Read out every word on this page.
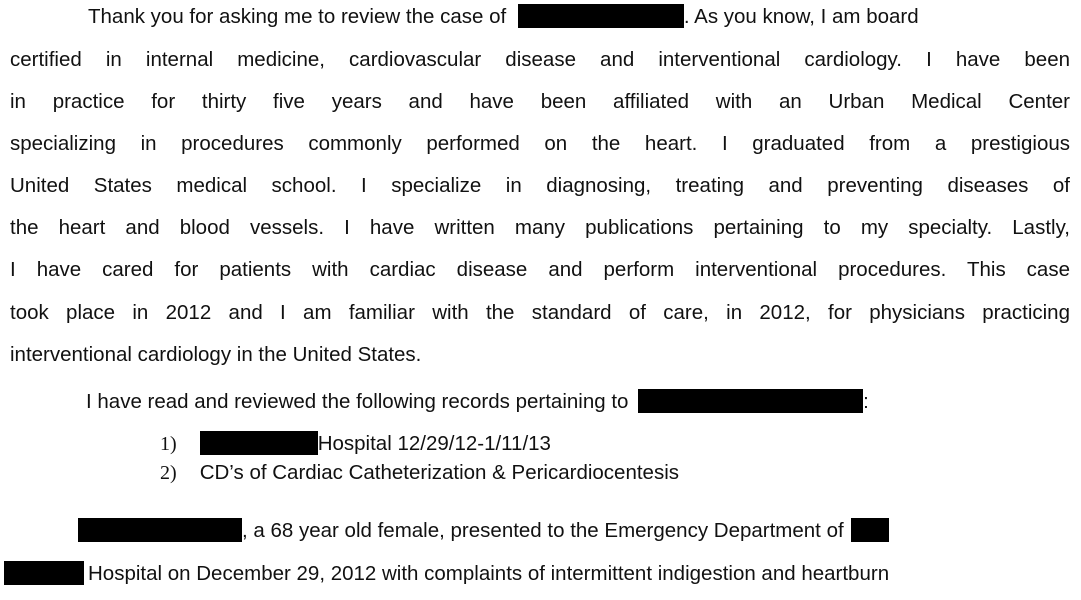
Thank you for asking me to review the case of	. As you know, I am board
certified in internal medicine, cardiovascular disease and interventional cardiology. I have been
in practice for thirty five years and have been affiliated with an Urban Medical Center
specializing in procedures commonly performed on the heart. I graduated from a prestigious
United States medical school. I specialize in diagnosing, treating and preventing diseases of
the heart and blood vessels. I have written many publications pertaining to my specialty. Lastly,
I have cared for patients with cardiac disease and perform interventional procedures. This case
took place in 2012 and I am familiar with the standard of care, in 2012, for physicians practicing
interventional cardiology in the United States.
I have read and reviewed the following records pertaining to	:
1)	Hospital 12/29/12-1/11/13
2) CD’s of Cardiac Catheterization & Pericardiocentesis
, a 68 year old female, presented to the Emergency Department of
Hospital on December 29, 2012 with complaints of intermittent indigestion and heartburn
